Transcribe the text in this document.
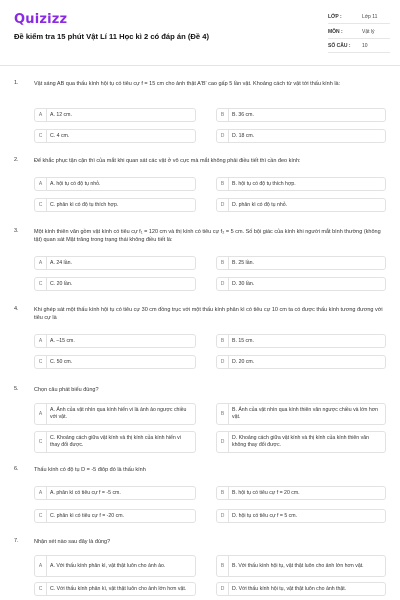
Quizizz
Đề kiểm tra 15 phút Vật Lí 11 Học kì 2 có đáp án (Đề 4)
LỚP :	Lớp 11
MÔN :	Vật lý
SỐ CÂU : 10
1.	Vật sáng AB qua thấu kính hội tụ có tiêu cự f = 15 cm cho ảnh thật A'B' cao gấp 5 lần vật. Khoảng cách từ vật tới thấu kính là:
A	A. 12 cm.	B	B. 36 cm.
C	C. 4 cm.	D	D. 18 cm.
2.	Để khắc phục tận cận thì của mắt khi quan sát các vật ở vô cực mà mắt không phải điều tiết thì cần đeo kính:
A	A. hội tụ có độ tụ nhỏ.	B	B. hội tụ có độ tụ thích hợp.
C	C. phân kì có độ tụ thích hợp.	D	D. phân kì có độ tụ nhỏ.
3.	Một kính thiên văn gồm vật kính có tiêu cự f₁ = 120 cm và thị kính có tiêu cự f₂ = 5 cm. Số bội giác của kính khi người mắt bình thường (không tật) quan sát Mặt trăng trong trạng thái không điều tiết là:
A	A. 24 lần.	B	B. 25 lần.
C	C. 20 lần.	D	D. 30 lần.
4.	Khi ghép sát một thấu kính hội tụ có tiêu cự 30 cm đồng trục với một thấu kính phân kì có tiêu cự 10 cm ta có được thấu kính tương đương với tiêu cự là
A	A. –15 cm.	B	B. 15 cm.
C	C. 50 cm.	D	D. 20 cm.
5.	Chọn câu phát biểu đúng?
A
A. Ảnh của vật nhìn qua kính hiển vi là ảnh ảo ngược chiều với vật.	B
B. Ảnh của vật nhìn qua kính thiên văn ngược chiều và lớn hơn vật.
C
C. Khoảng cách giữa vật kính và thị kính của kính hiển vi thay đổi được.	D
D. Khoảng cách giữa vật kính và thị kính của kính thiên văn không thay đổi được.
6.	Thấu kính có độ tụ D = -5 điôp đó là thấu kính
A	A. phân kì có tiêu cự f = -5 cm.	B	B. hội tụ có tiêu cự f = 20 cm.
C	C. phân kì có tiêu cự f = -20 cm.	D	D. hội tụ có tiêu cự f = 5 cm.
7.	Nhận xét nào sau đây là đúng?
A	A. Với thấu kính phân kì, vật thật luôn cho ảnh ảo.	B	B. Với thấu kính hội tụ, vật thật luôn cho ảnh lớn hơn vật.
C	C. Với thấu kính phân kì, vật thật luôn cho ảnh lớn hơn vật.	D	D. Với thấu kính hội tụ, vật thật luôn cho ảnh thật.
